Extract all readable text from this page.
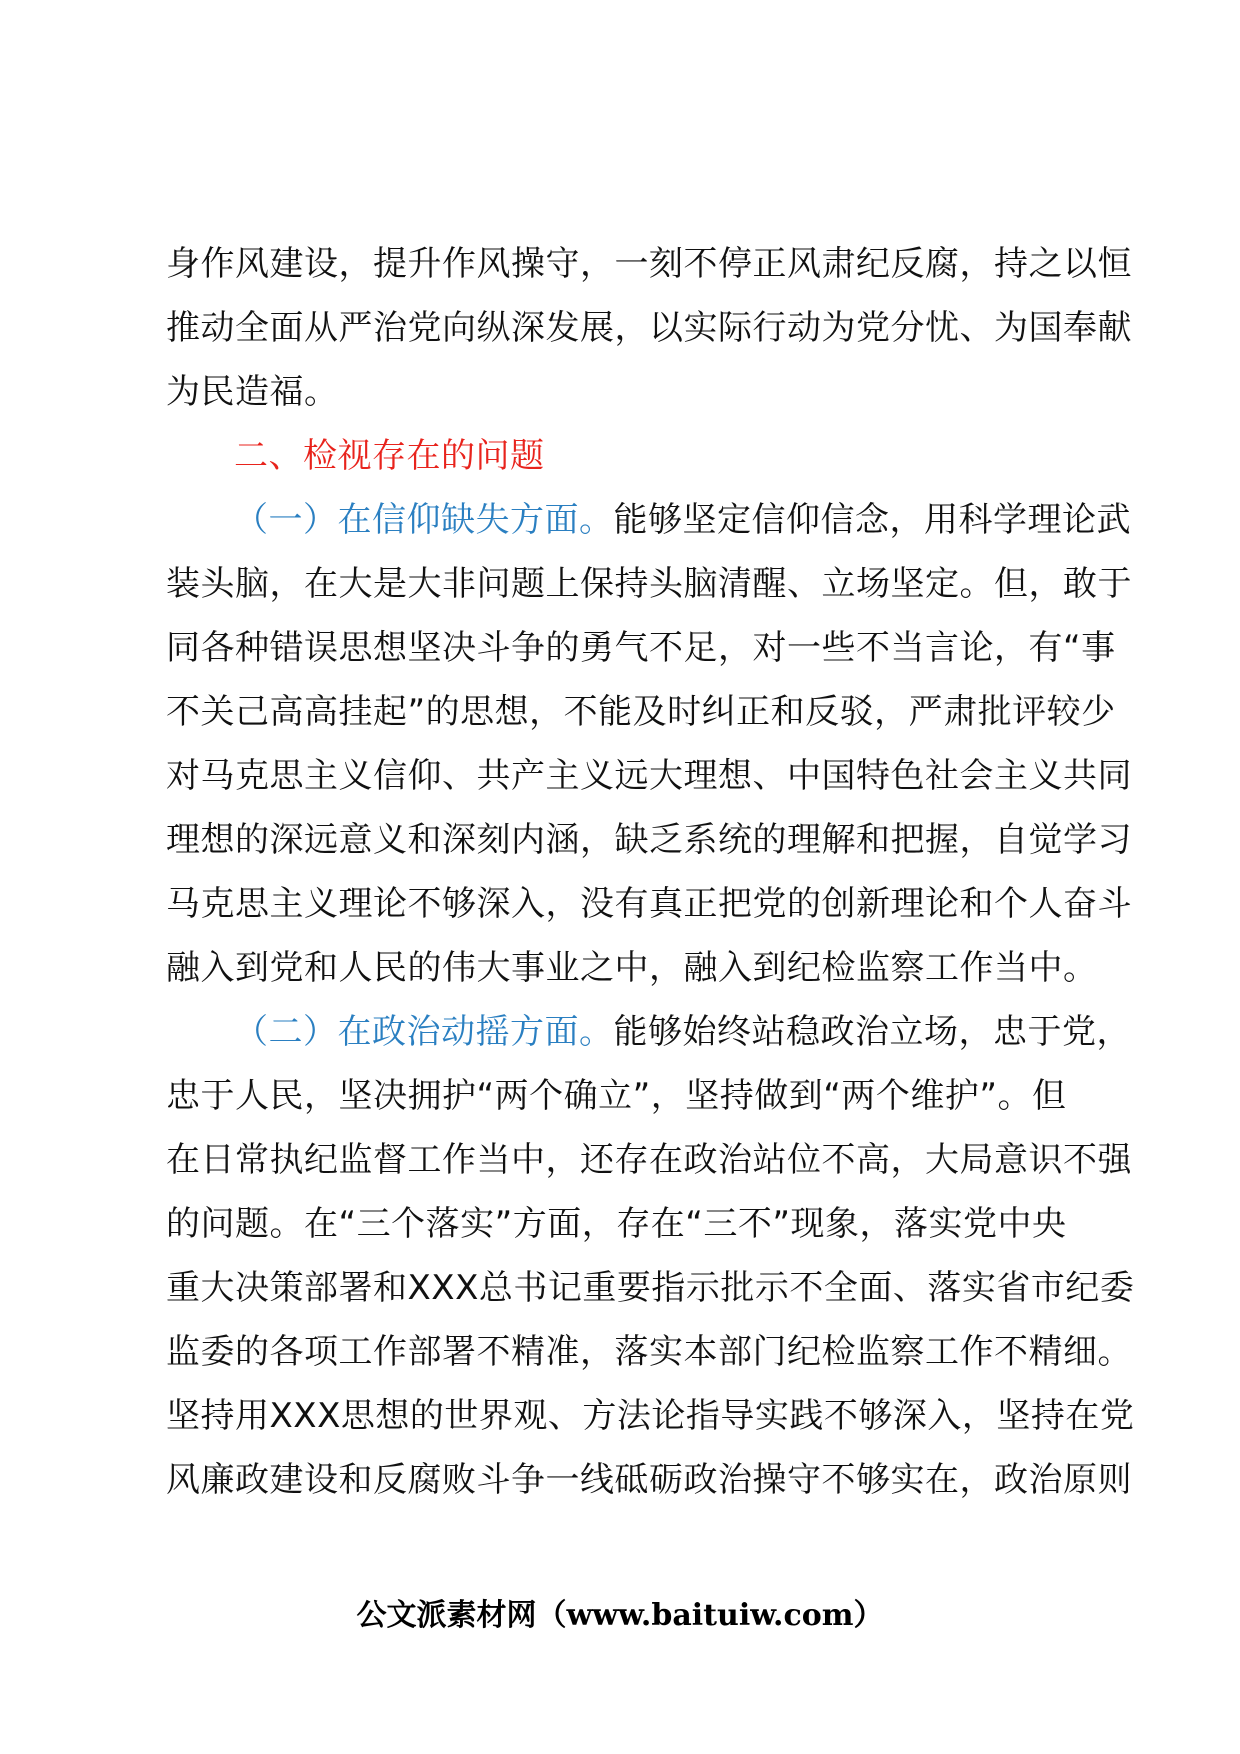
身作风建设，提升作风操守，一刻不停正风肃纪反腐，持之以恒
推动全面从严治党向纵深发展，以实际行动为党分忧、为国奉献
为民造福。
二、检视存在的问题
（一）在信仰缺失方面。能够坚定信仰信念，用科学理论武
装头脑，在大是大非问题上保持头脑清醒、立场坚定。但，敢于
同各种错误思想坚决斗争的勇气不足，对一些不当言论，有“事
不关己高高挂起”的思想，不能及时纠正和反驳，严肃批评较少
对马克思主义信仰、共产主义远大理想、中国特色社会主义共同
理想的深远意义和深刻内涵，缺乏系统的理解和把握，自觉学习
马克思主义理论不够深入，没有真正把党的创新理论和个人奋斗
融入到党和人民的伟大事业之中，融入到纪检监察工作当中。
（二）在政治动摇方面。能够始终站稳政治立场，忠于党，
忠于人民，坚决拥护“两个确立”，坚持做到“两个维护”。但
在日常执纪监督工作当中，还存在政治站位不高，大局意识不强
的问题。在“三个落实”方面，存在“三不”现象，落实党中央
重大决策部署和XXX总书记重要指示批示不全面、落实省市纪委
监委的各项工作部署不精准，落实本部门纪检监察工作不精细。
坚持用XXX思想的世界观、方法论指导实践不够深入，坚持在党
风廉政建设和反腐败斗争一线砥砺政治操守不够实在，政治原则
公文派素材网（www.baituiw.com）
